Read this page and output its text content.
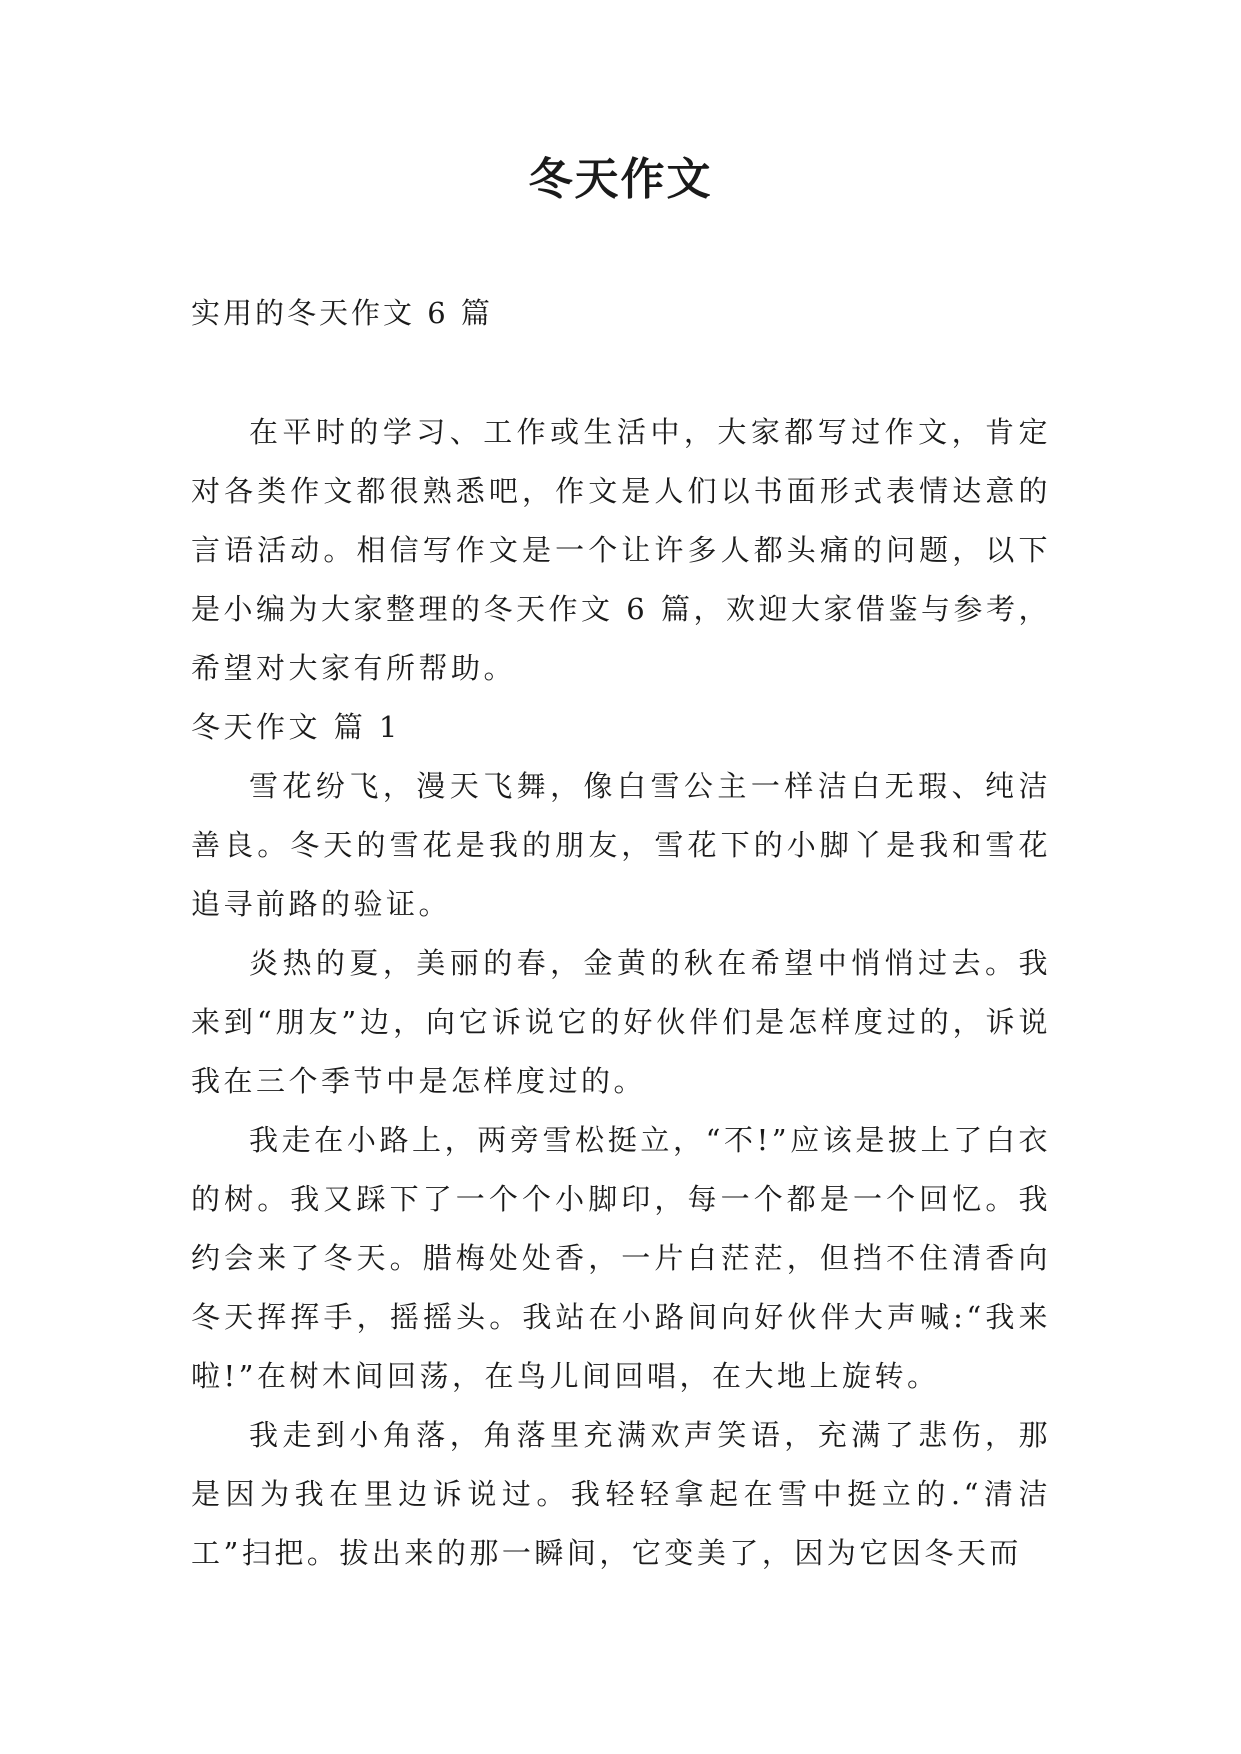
冬天作文
实用的冬天作文 6 篇

在平时的学习、工作或生活中，大家都写过作文，肯定对各类作文都很熟悉吧，作文是人们以书面形式表情达意的言语活动。相信写作文是一个让许多人都头痛的问题，以下是小编为大家整理的冬天作文 6 篇，欢迎大家借鉴与参考，希望对大家有所帮助。

冬天作文 篇 1

雪花纷飞，漫天飞舞，像白雪公主一样洁白无瑕、纯洁善良。冬天的雪花是我的朋友，雪花下的小脚丫是我和雪花追寻前路的验证。

炎热的夏，美丽的春，金黄的秋在希望中悄悄过去。我来到“朋友”边，向它诉说它的好伙伴们是怎样度过的，诉说我在三个季节中是怎样度过的。

我走在小路上，两旁雪松挺立，“不!”应该是披上了白衣的树。我又踩下了一个个小脚印，每一个都是一个回忆。我约会来了冬天。腊梅处处香，一片白茫茫，但挡不住清香向冬天挥挥手，摇摇头。我站在小路间向好伙伴大声喊:“我来啦!”在树木间回荡，在鸟儿间回唱，在大地上旋转。

我走到小角落，角落里充满欢声笑语，充满了悲伤，那是因为我在里边诉说过。我轻轻拿起在雪中挺立的.“清洁工”扫把。拔出来的那一瞬间，它变美了，因为它因冬天而
